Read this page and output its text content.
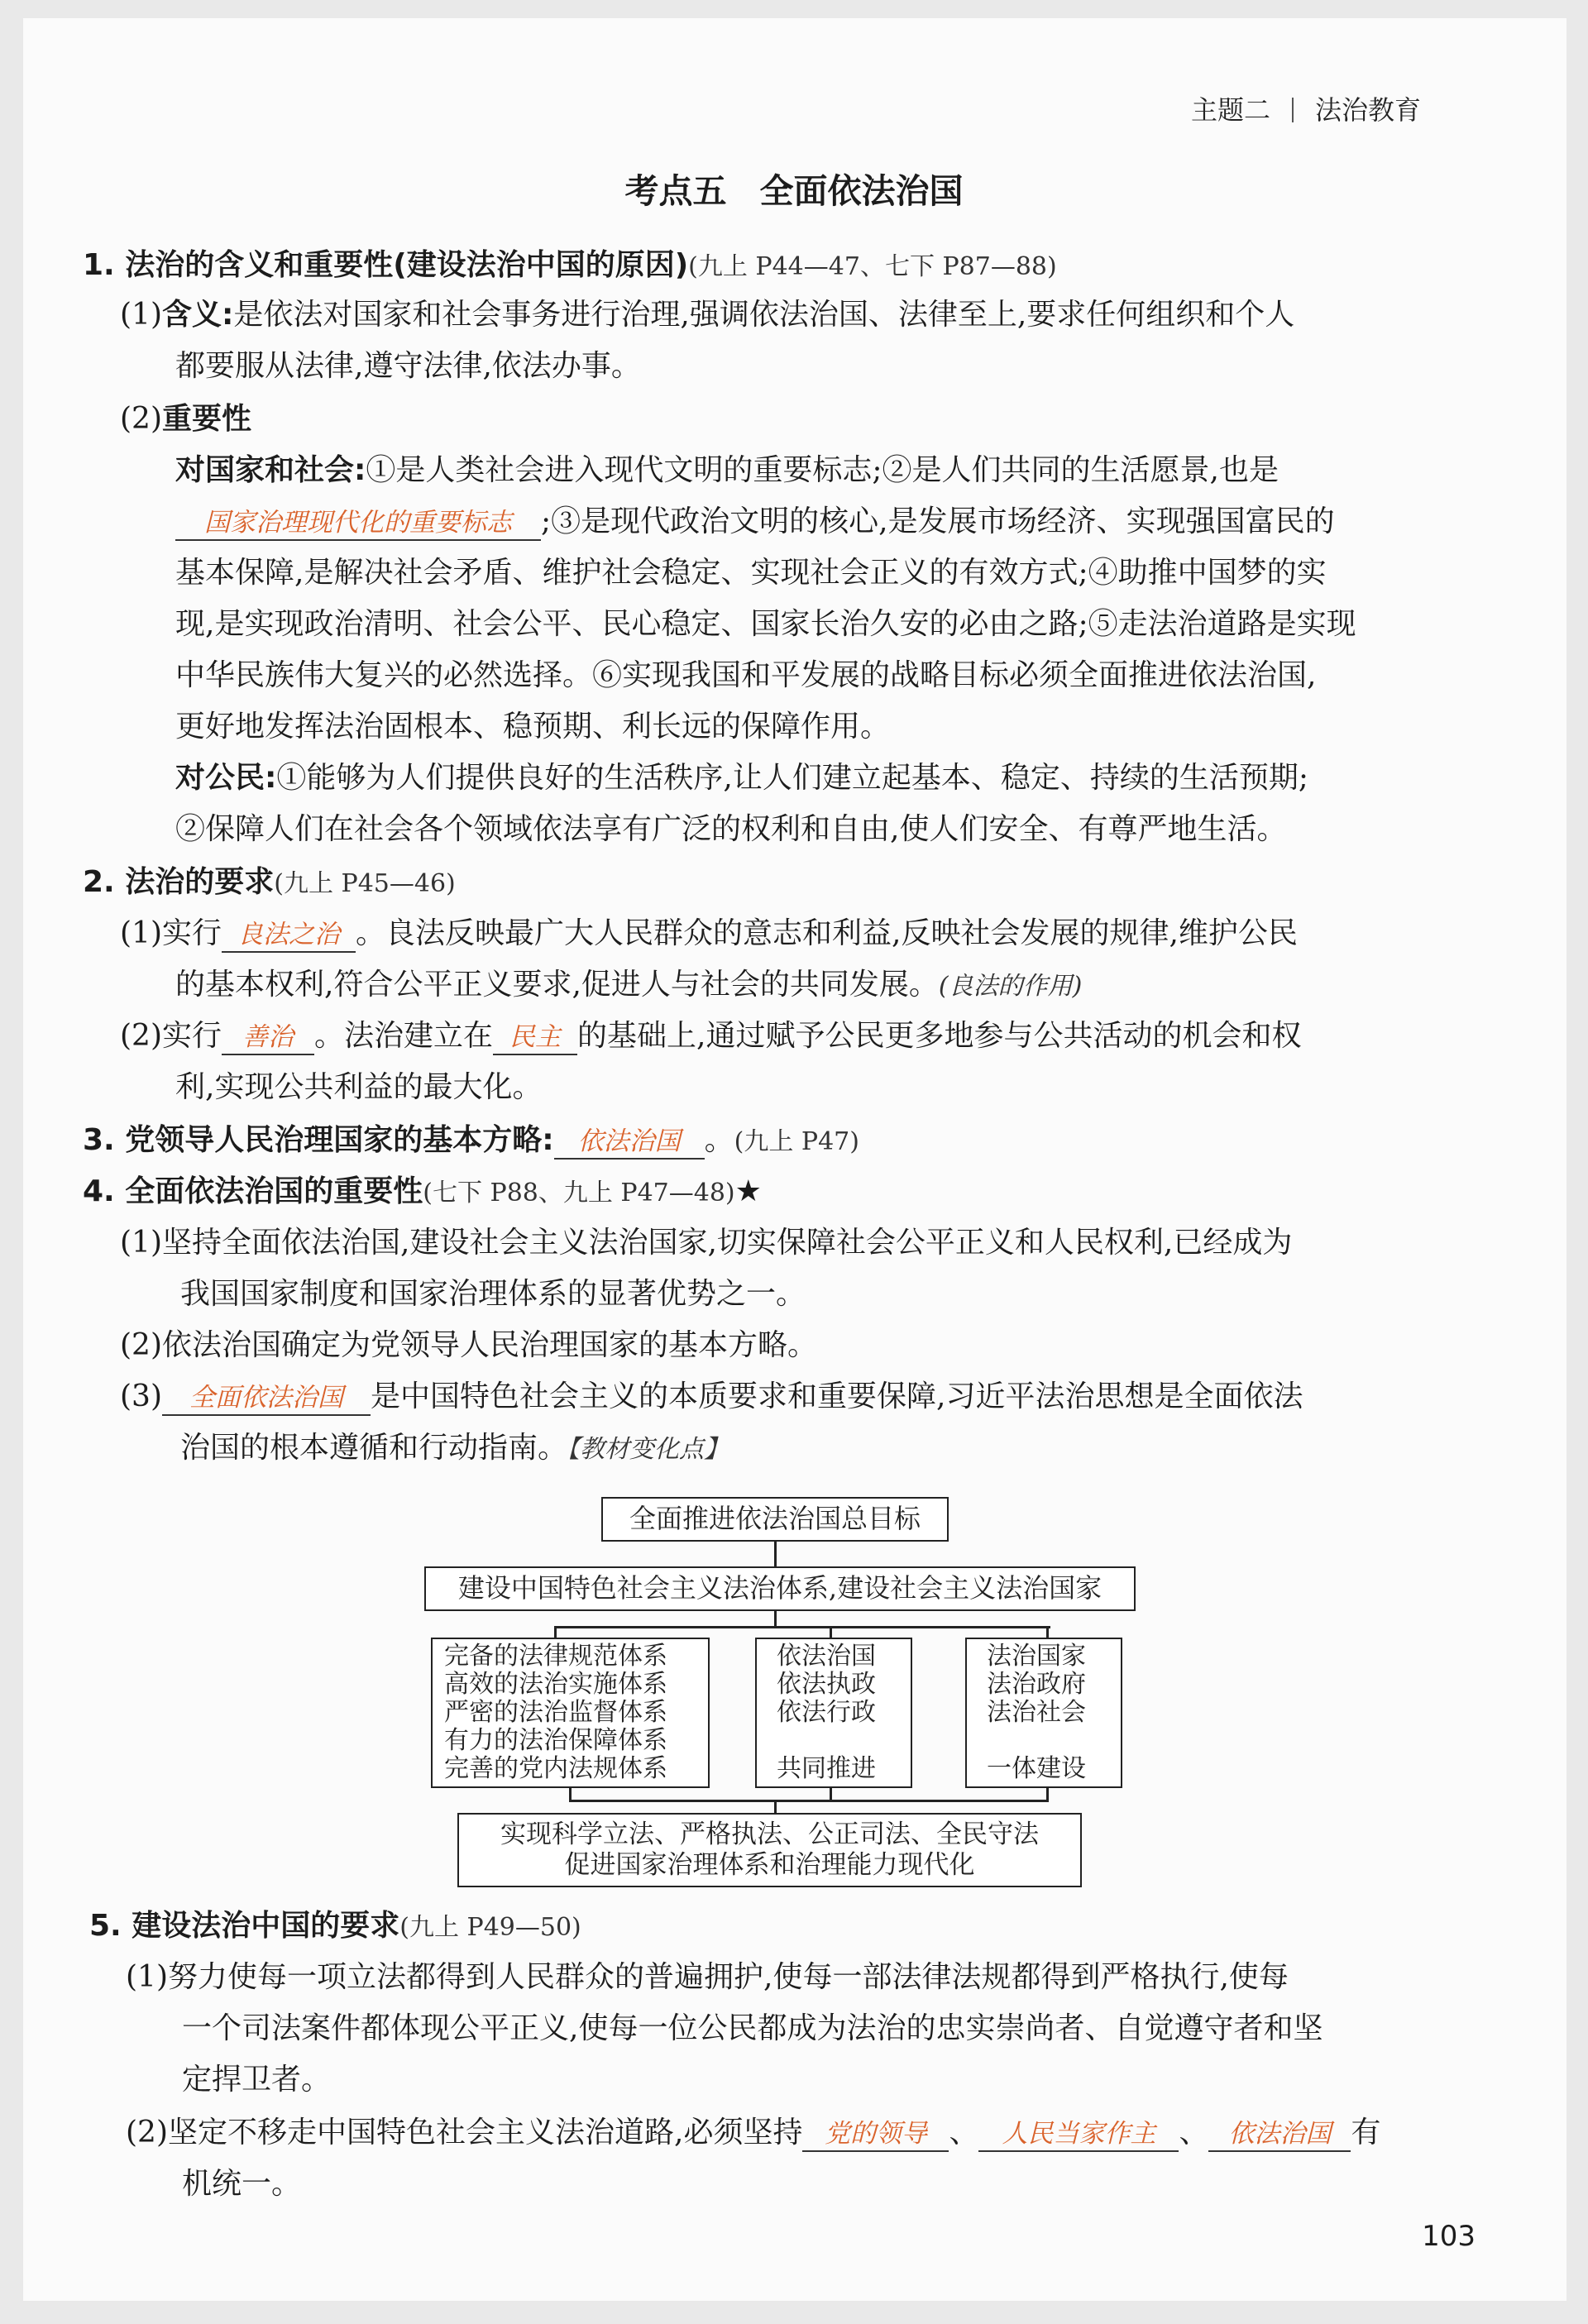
主题二 法治教育
考点五 全面依法治国
1. 法治的含义和重要性(建设法治中国的原因)(九上 P44—47、七下 P87—88)
(1)含义:是依法对国家和社会事务进行治理,强调依法治国、法律至上,要求任何组织和个人
都要服从法律,遵守法律,依法办事。
(2)重要性
对国家和社会:①是人类社会进入现代文明的重要标志;②是人们共同的生活愿景,也是
国家治理现代化的重要标志 ;③是现代政治文明的核心,是发展市场经济、实现强国富民的
基本保障,是解决社会矛盾、维护社会稳定、实现社会正义的有效方式;④助推中国梦的实
现,是实现政治清明、社会公平、民心稳定、国家长治久安的必由之路;⑤走法治道路是实现
中华民族伟大复兴的必然选择。⑥实现我国和平发展的战略目标必须全面推进依法治国,
更好地发挥法治固根本、稳预期、利长远的保障作用。
对公民:①能够为人们提供良好的生活秩序,让人们建立起基本、稳定、持续的生活预期;
②保障人们在社会各个领域依法享有广泛的权利和自由,使人们安全、有尊严地生活。
2. 法治的要求(九上 P45—46)
(1)实行 良法之治 。良法反映最广大人民群众的意志和利益,反映社会发展的规律,维护公民
的基本权利,符合公平正义要求,促进人与社会的共同发展。(良法的作用)
(2)实行 善治 。法治建立在 民主 的基础上,通过赋予公民更多地参与公共活动的机会和权
利,实现公共利益的最大化。
3. 党领导人民治理国家的基本方略: 依法治国 。(九上 P47)
4. 全面依法治国的重要性(七下 P88、九上 P47—48)★
(1)坚持全面依法治国,建设社会主义法治国家,切实保障社会公平正义和人民权利,已经成为
我国国家制度和国家治理体系的显著优势之一。
(2)依法治国确定为党领导人民治理国家的基本方略。
(3) 全面依法治国 是中国特色社会主义的本质要求和重要保障,习近平法治思想是全面依法
治国的根本遵循和行动指南。【教材变化点】
全面推进依法治国总目标
建设中国特色社会主义法治体系,建设社会主义法治国家
完备的法律规范体系
高效的法治实施体系
严密的法治监督体系
有力的法治保障体系
完善的党内法规体系
依法治国
依法执政
依法行政
共同推进
法治国家
法治政府
法治社会
一体建设
实现科学立法、严格执法、公正司法、全民守法
促进国家治理体系和治理能力现代化
5. 建设法治中国的要求(九上 P49—50)
(1)努力使每一项立法都得到人民群众的普遍拥护,使每一部法律法规都得到严格执行,使每
一个司法案件都体现公平正义,使每一位公民都成为法治的忠实崇尚者、自觉遵守者和坚
定捍卫者。
(2)坚定不移走中国特色社会主义法治道路,必须坚持 党的领导 、 人民当家作主 、 依法治国 有
机统一。
103
